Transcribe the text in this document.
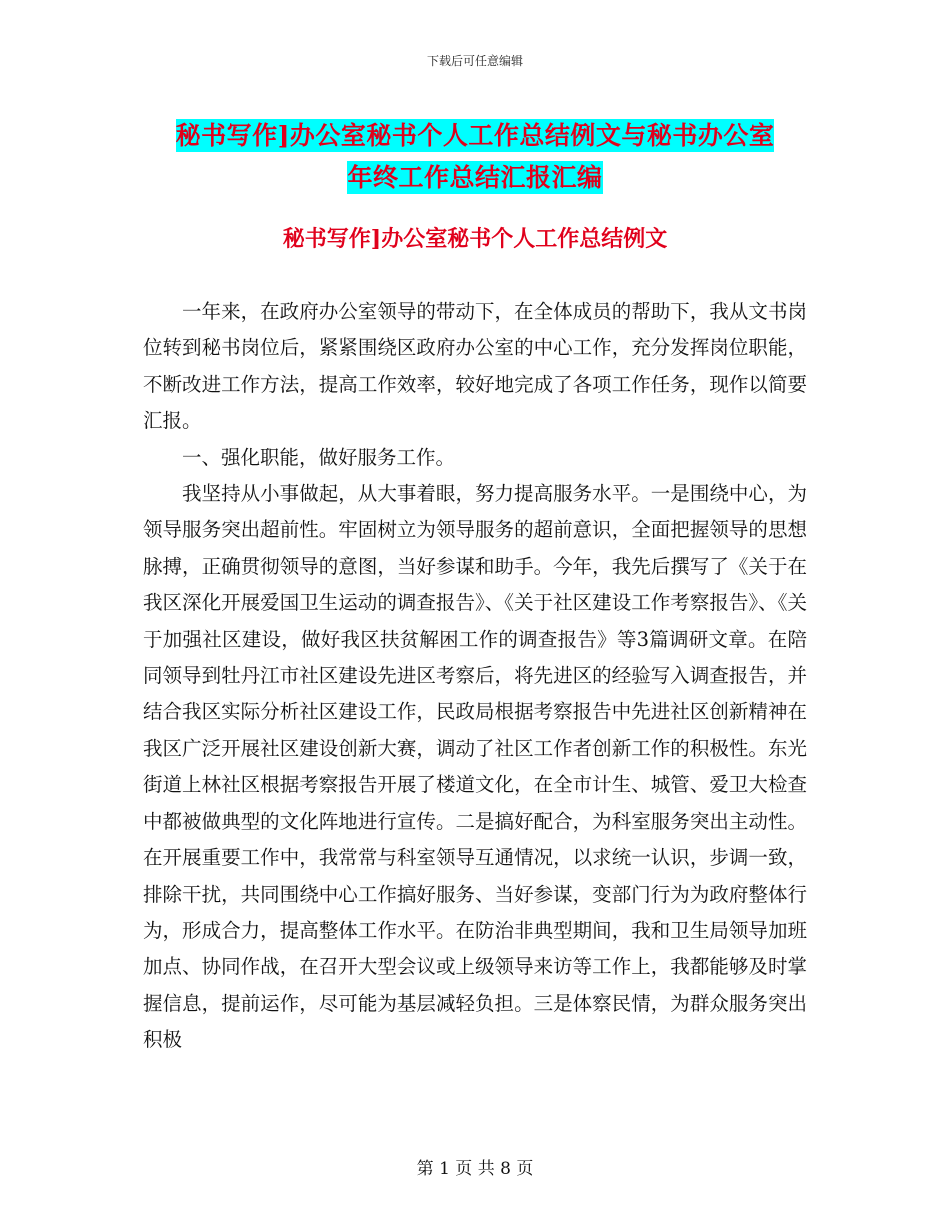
下载后可任意编辑
秘书写作]办公室秘书个人工作总结例文与秘书办公室
年终工作总结汇报汇编
秘书写作]办公室秘书个人工作总结例文

一年来，在政府办公室领导的带动下，在全体成员的帮助下，我从文书岗位转到秘书岗位后，紧紧围绕区政府办公室的中心工作，充分发挥岗位职能，不断改进工作方法，提高工作效率，较好地完成了各项工作任务，现作以简要汇报。

一、强化职能，做好服务工作。

我坚持从小事做起，从大事着眼，努力提高服务水平。一是围绕中心，为领导服务突出超前性。牢固树立为领导服务的超前意识，全面把握领导的思想脉搏，正确贯彻领导的意图，当好参谋和助手。今年，我先后撰写了《关于在我区深化开展爱国卫生运动的调查报告》、《关于社区建设工作考察报告》、《关于加强社区建设，做好我区扶贫解困工作的调查报告》等3篇调研文章。在陪同领导到牡丹江市社区建设先进区考察后，将先进区的经验写入调查报告，并结合我区实际分析社区建设工作，民政局根据考察报告中先进社区创新精神在我区广泛开展社区建设创新大赛，调动了社区工作者创新工作的积极性。东光街道上林社区根据考察报告开展了楼道文化，在全市计生、城管、爱卫大检查中都被做典型的文化阵地进行宣传。二是搞好配合，为科室服务突出主动性。在开展重要工作中，我常常与科室领导互通情况，以求统一认识，步调一致，排除干扰，共同围绕中心工作搞好服务、当好参谋，变部门行为为政府整体行为，形成合力，提高整体工作水平。在防治非典型期间，我和卫生局领导加班加点、协同作战，在召开大型会议或上级领导来访等工作上，我都能够及时掌握信息，提前运作，尽可能为基层减轻负担。三是体察民情，为群众服务突出积极

第 1 页 共 8 页
